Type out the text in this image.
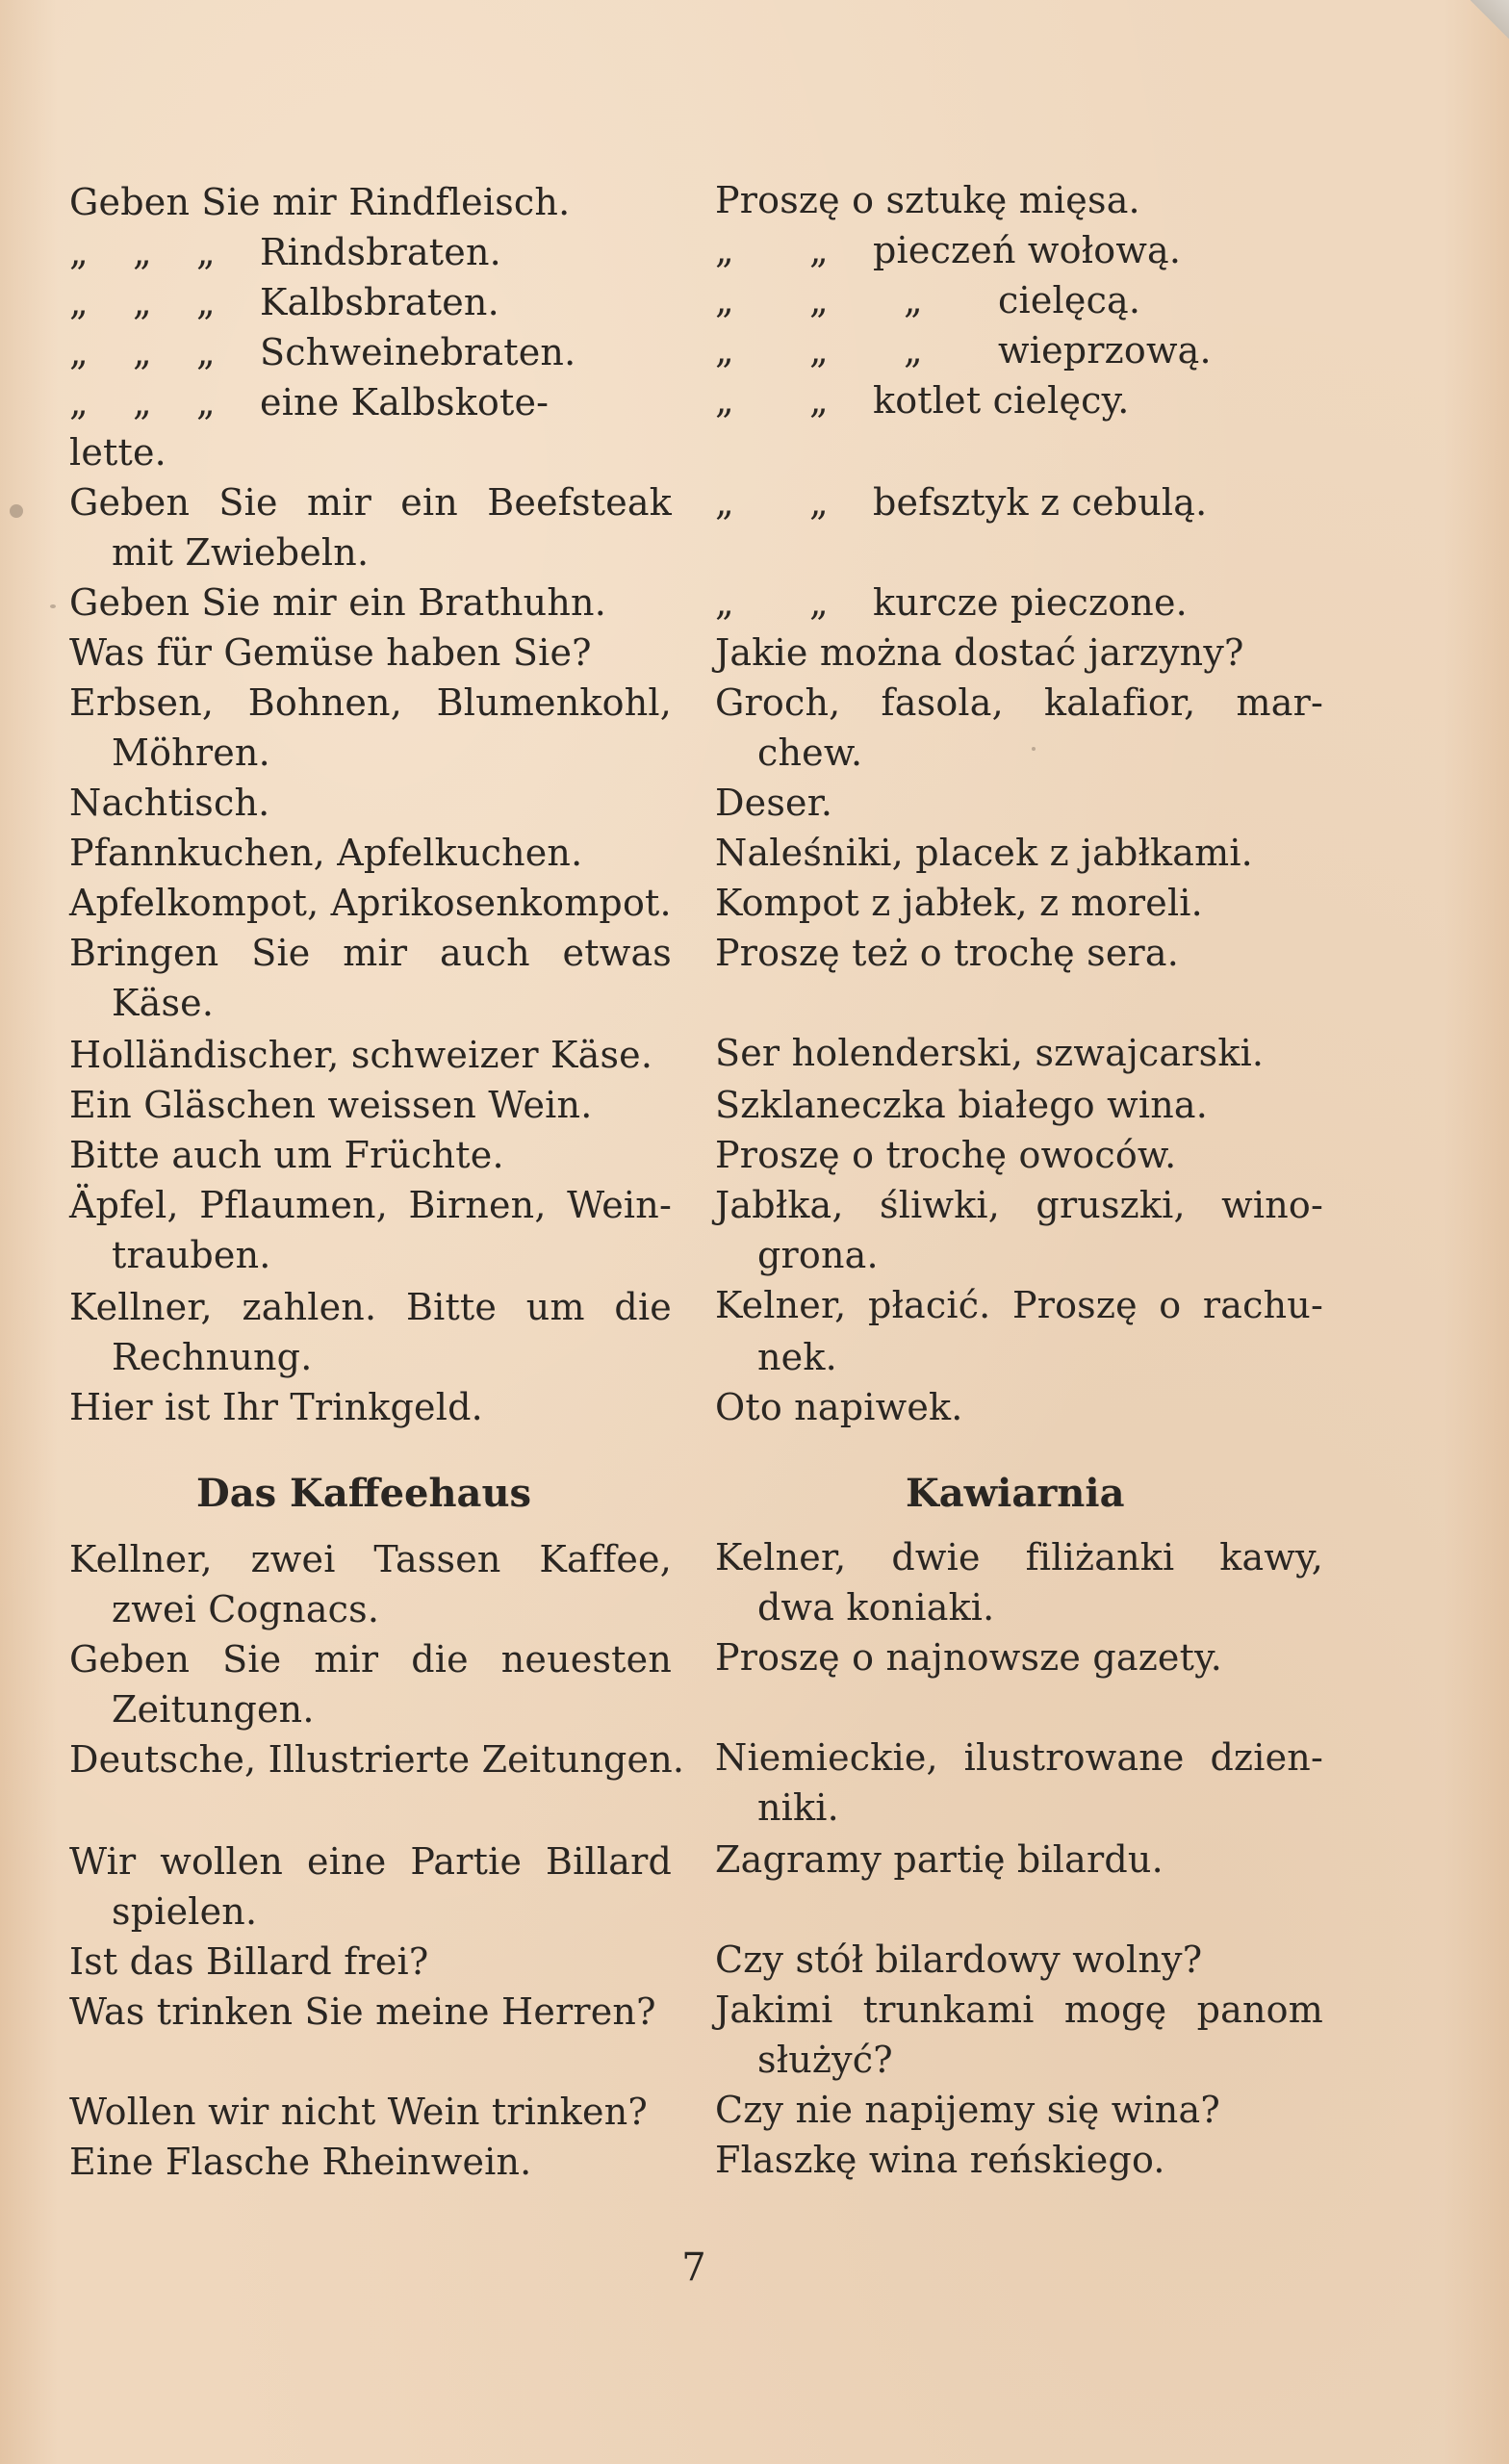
Geben Sie mir Rindfleisch.
„ „ „ Rindsbraten.
„ „ „ Kalbsbraten.
„ „ „ Schweinebraten.
„ „ „ eine Kalbskote-
lette.
Geben Sie mir ein Beefsteak
mit Zwiebeln.
Geben Sie mir ein Brathuhn.
Was für Gemüse haben Sie?
Erbsen, Bohnen, Blumenkohl,
Möhren.
Nachtisch.
Pfannkuchen, Apfelkuchen.
Apfelkompot, Aprikosenkompot.
Bringen Sie mir auch etwas
Käse.
Holländischer, schweizer Käse.
Ein Gläschen weissen Wein.
Bitte auch um Früchte.
Äpfel, Pflaumen, Birnen, Wein-
trauben.
Kellner, zahlen. Bitte um die
Rechnung.
Hier ist Ihr Trinkgeld.
Das Kaffeehaus
Kellner, zwei Tassen Kaffee,
zwei Cognacs.
Geben Sie mir die neuesten
Zeitungen.
Deutsche, Illustrierte Zeitungen.
Wir wollen eine Partie Billard
spielen.
Ist das Billard frei?
Was trinken Sie meine Herren?
Wollen wir nicht Wein trinken?
Eine Flasche Rheinwein.
Proszę o sztukę mięsa.
„ „ pieczeń wołową.
„ „ „ cielęcą.
„ „ „ wieprzową.
„ „ kotlet cielęcy.
„ „ befsztyk z cebulą.
„ „ kurcze pieczone.
Jakie można dostać jarzyny?
Groch, fasola, kalafior, mar-
chew.
Deser.
Naleśniki, placek z jabłkami.
Kompot z jabłek, z moreli.
Proszę też o trochę sera.
Ser holenderski, szwajcarski.
Szklaneczka białego wina.
Proszę o trochę owoców.
Jabłka, śliwki, gruszki, wino-
grona.
Kelner, płacić. Proszę o rachu-
nek.
Oto napiwek.
Kawiarnia
Kelner, dwie filiżanki kawy,
dwa koniaki.
Proszę o najnowsze gazety.
Niemieckie, ilustrowane dzien-
niki.
Zagramy partię bilardu.
Czy stół bilardowy wolny?
Jakimi trunkami mogę panom
służyć?
Czy nie napijemy się wina?
Flaszkę wina reńskiego.
7
